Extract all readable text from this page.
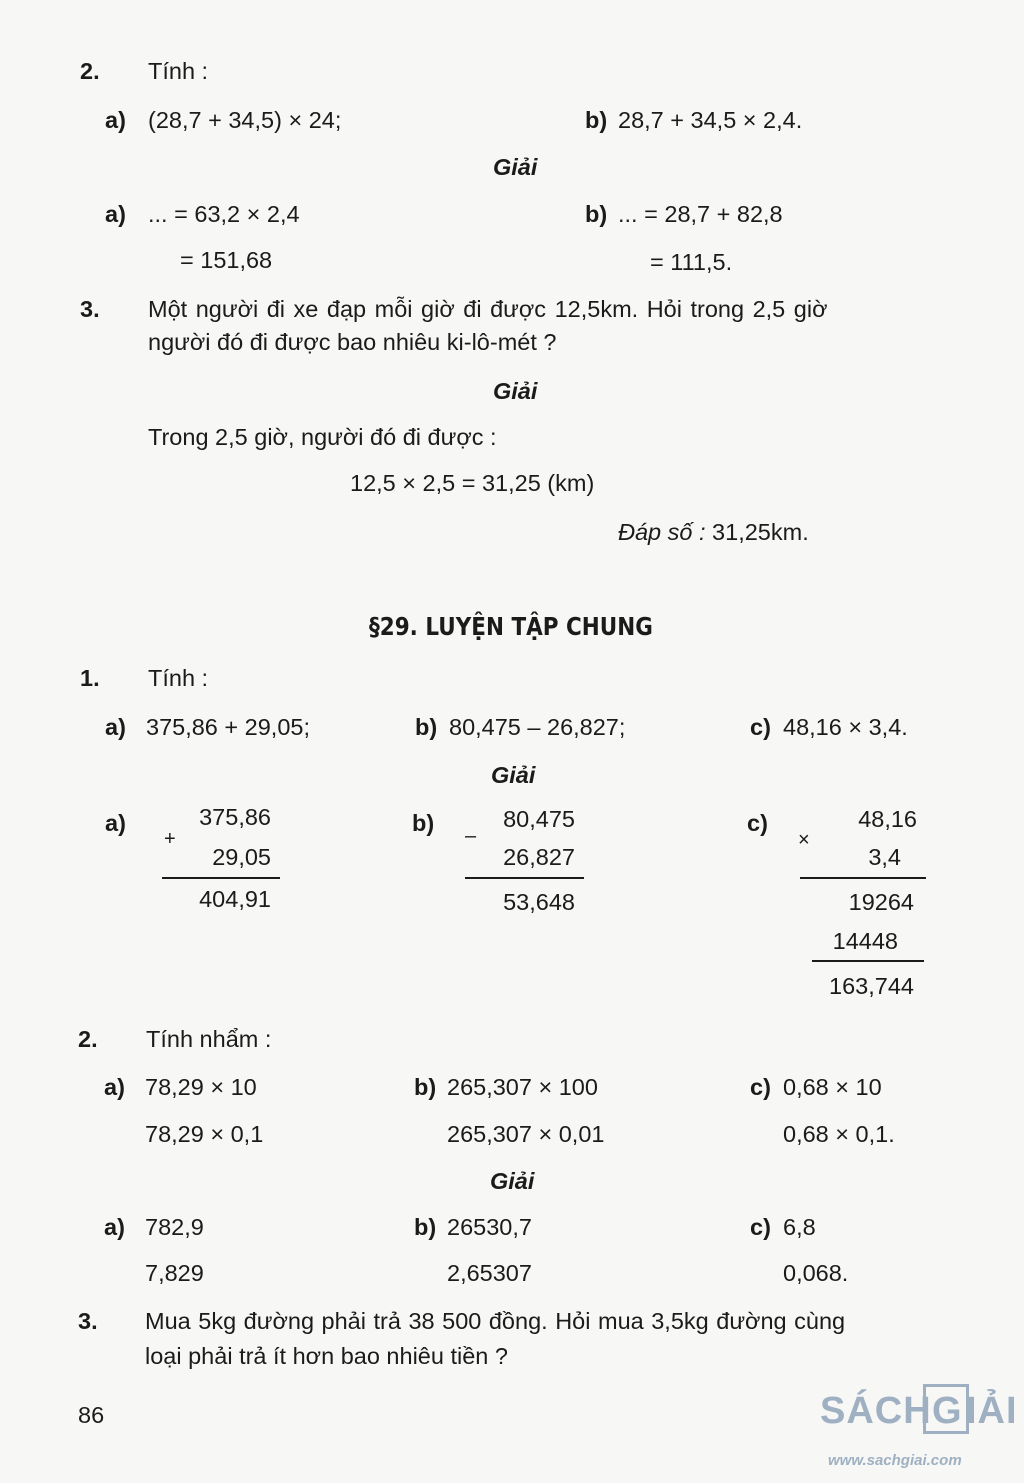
2. Tính :
a) (28,7 + 34,5) × 24;	b) 28,7 + 34,5 × 2,4.
Giải
a) ... = 63,2 × 2,4
= 151,68
b) ... = 28,7 + 82,8
= 111,5.
3. Một người đi xe đạp mỗi giờ đi được 12,5km. Hỏi trong 2,5 giờ
người đó đi được bao nhiêu ki-lô-mét ?
Giải
Trong 2,5 giờ, người đó đi được :
12,5 × 2,5 = 31,25 (km)
Đáp số : 31,25km.
§29. LUYỆN TẬP CHUNG
1. Tính :
a) 375,86 + 29,05;	b) 80,475 – 26,827;	c) 48,16 × 3,4.
Giải
a)
+
375,86
29,05
404,91
b) –
80,475
26,827
53,648
c)
×
48,16
3,4
19264
14448
163,744
2. Tính nhẩm :
a) 78,29 × 10
78,29 × 0,1
b) 265,307 × 100
265,307 × 0,01
c) 0,68 × 10
0,68 × 0,1.
Giải
a) 782,9
7,829
b) 26530,7
2,65307
c) 6,8
0,068.
3. Mua 5kg đường phải trả 38 500 đồng. Hỏi mua 3,5kg đường cùng
loại phải trả ít hơn bao nhiêu tiền ?
86	SÁCH G IẢI
www.sachgiai.com
